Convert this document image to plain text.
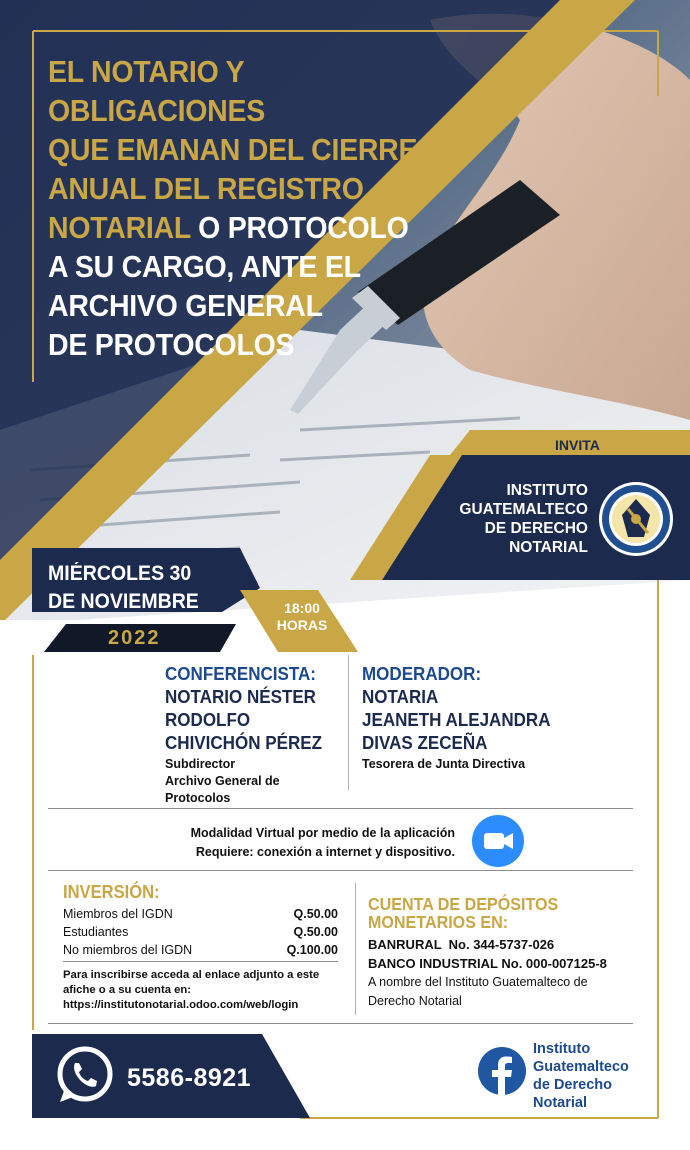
EL NOTARIO Y OBLIGACIONES
QUE EMANAN DEL CIERRE
ANUAL DEL REGISTRO
NOTARIAL O PROTOCOLO
A SU CARGO, ANTE EL
ARCHIVO GENERAL
DE PROTOCOLOS
INVITA
INSTITUTO
GUATEMALTECO
DE DERECHO
NOTARIAL
MIÉRCOLES 30
DE NOVIEMBRE
2022
18:00
HORAS
CONFERENCISTA:
NOTARIO NÉSTER
RODOLFO
CHIVICHÓN PÉREZ
Subdirector
Archivo General de
Protocolos
MODERADOR:
NOTARIA
JEANETH ALEJANDRA
DIVAS ZECEÑA
Tesorera de Junta Directiva
Modalidad Virtual por medio de la aplicación
Requiere: conexión a internet y dispositivo.
INVERSIÓN:
Miembros del IGDN	Q.50.00
Estudiantes	Q.50.00
No miembros del IGDN	Q.100.00
Para inscribirse acceda al enlace adjunto a este
afiche o a su cuenta en:
https://institutonotarial.odoo.com/web/login
CUENTA DE DEPÓSITOS
MONETARIOS EN:
BANRURAL  No. 344-5737-026
BANCO INDUSTRIAL No. 000-007125-8
A nombre del Instituto Guatemalteco de
Derecho Notarial
5586-8921
Instituto
Guatemalteco
de Derecho
Notarial
